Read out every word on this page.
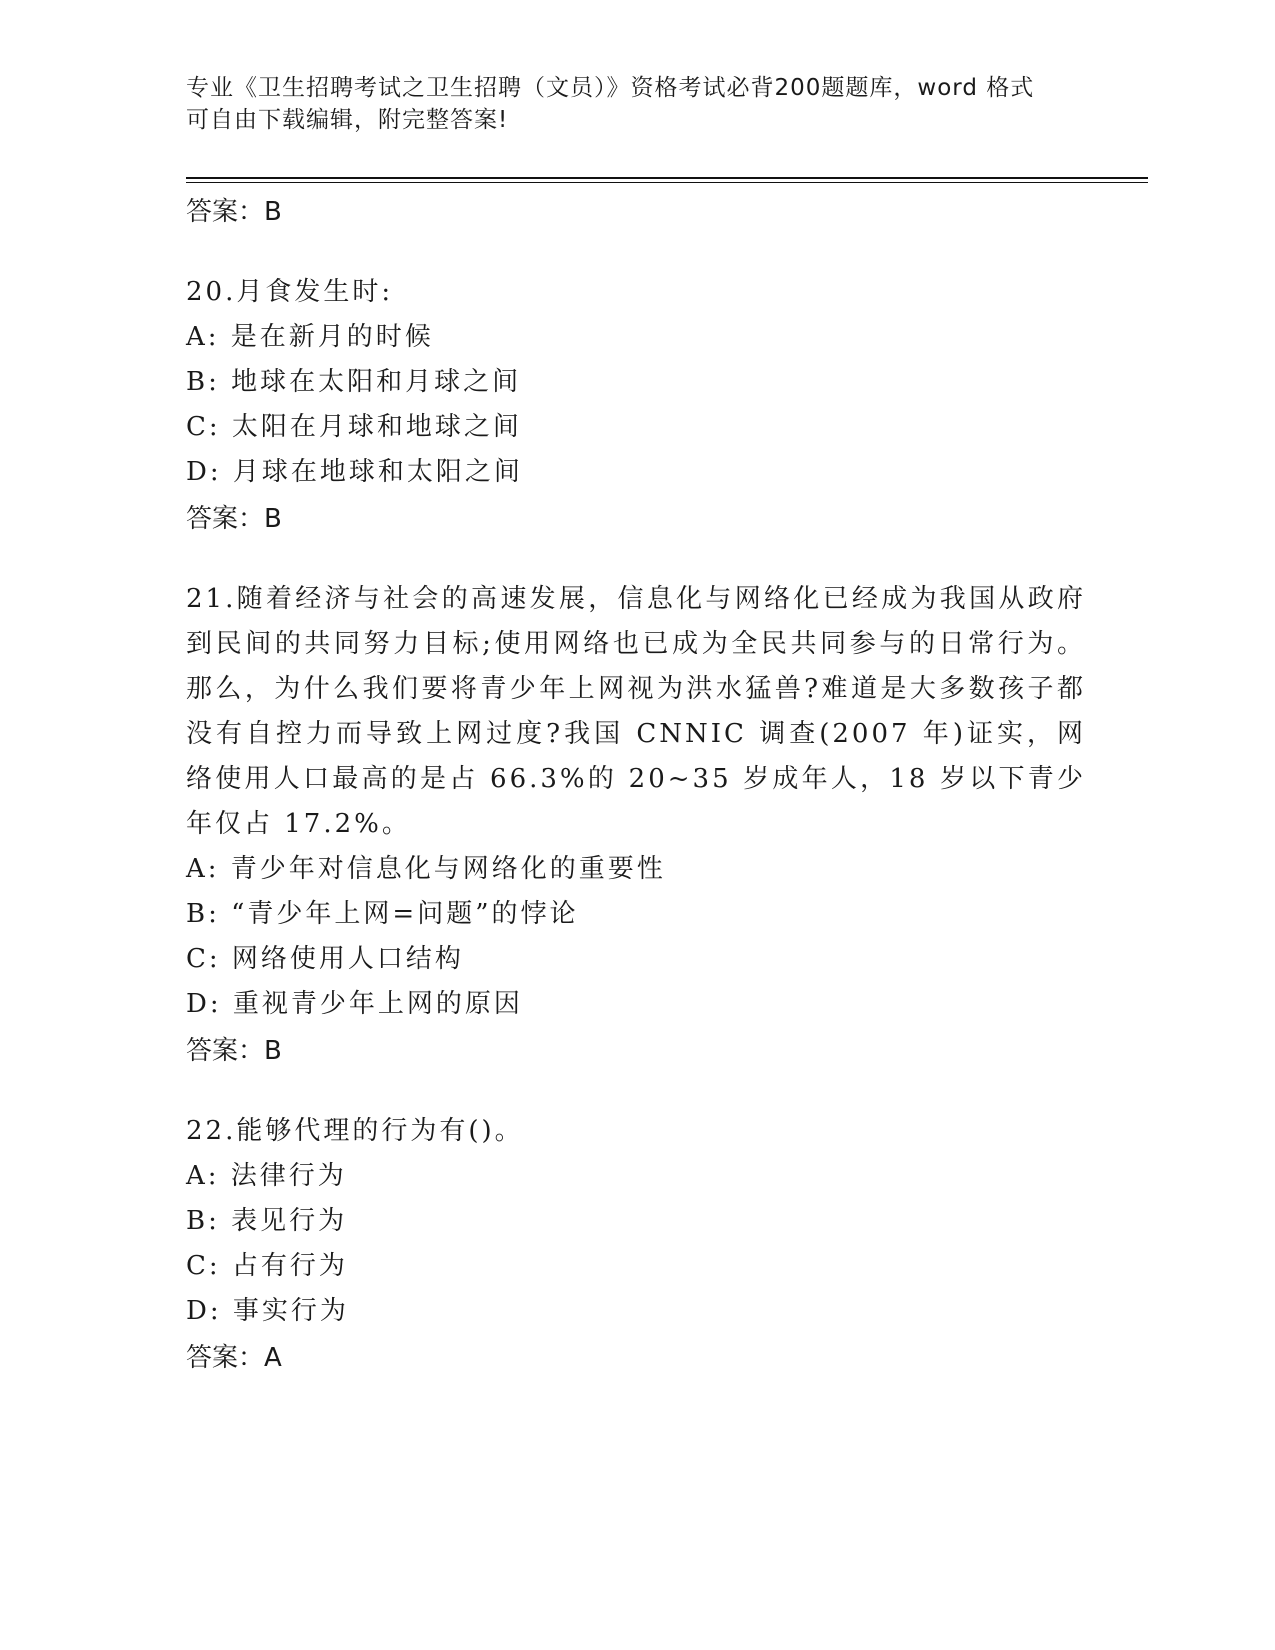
专业《卫生招聘考试之卫生招聘（文员）》资格考试必背200题题库，word 格式
可自由下载编辑，附完整答案!
答案：B
20.月食发生时:
A: 是在新月的时候
B: 地球在太阳和月球之间
C: 太阳在月球和地球之间
D: 月球在地球和太阳之间
答案：B
21.随着经济与社会的高速发展，信息化与网络化已经成为我国从政府到民间的共同努力目标;使用网络也已成为全民共同参与的日常行为。那么，为什么我们要将青少年上网视为洪水猛兽?难道是大多数孩子都没有自控力而导致上网过度?我国 CNNIC 调查(2007 年)证实，网络使用人口最高的是占 66.3%的 20~35 岁成年人，18 岁以下青少年仅占 17.2%。
A: 青少年对信息化与网络化的重要性
B: “青少年上网=问题”的悖论
C: 网络使用人口结构
D: 重视青少年上网的原因
答案：B
22.能够代理的行为有()。
A: 法律行为
B: 表见行为
C: 占有行为
D: 事实行为
答案：A
